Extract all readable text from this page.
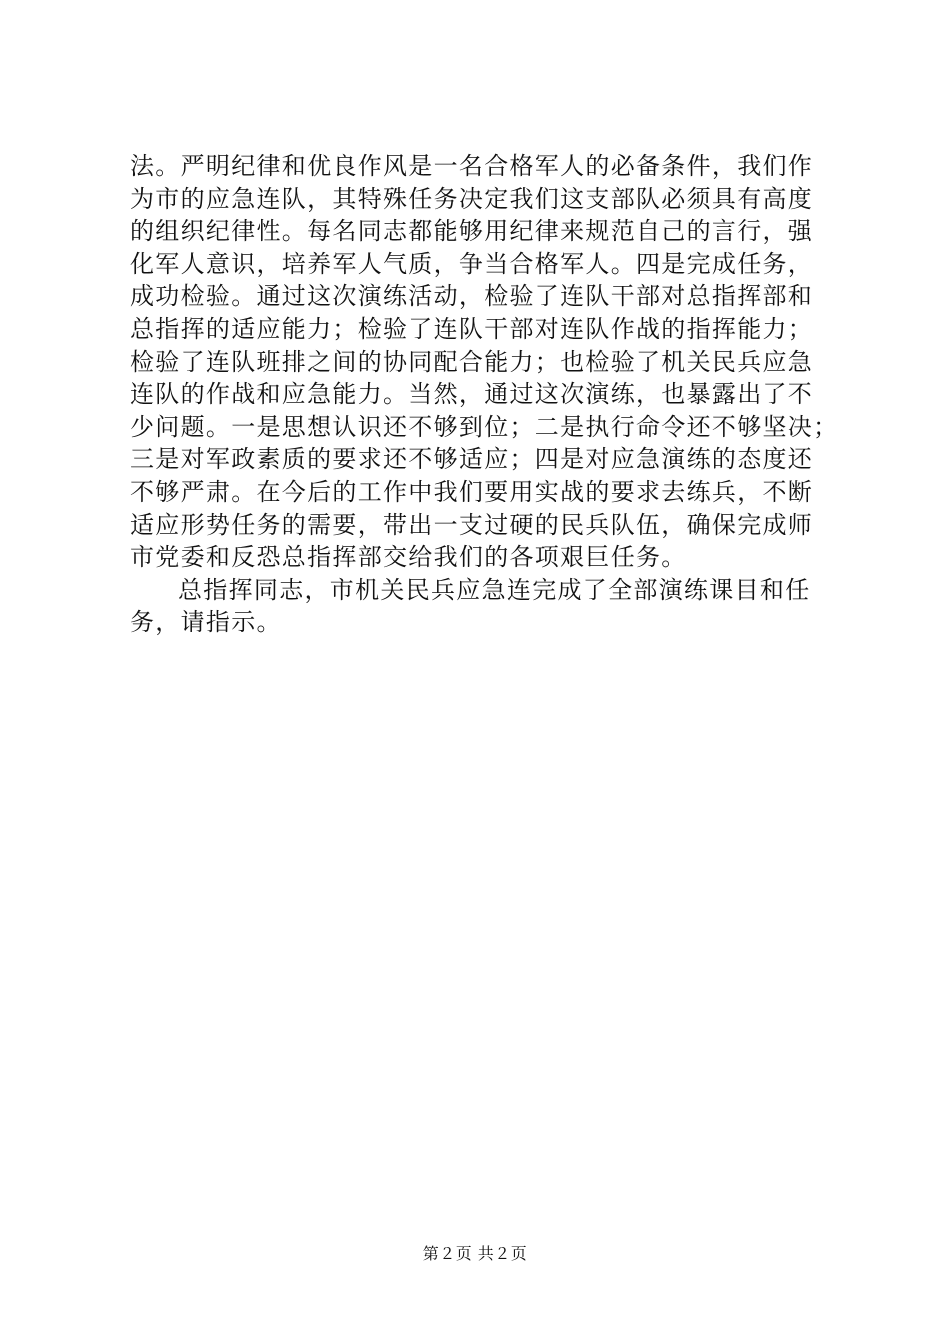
法。严明纪律和优良作风是一名合格军人的必备条件，我们作
为市的应急连队，其特殊任务决定我们这支部队必须具有高度
的组织纪律性。每名同志都能够用纪律来规范自己的言行，强
化军人意识，培养军人气质，争当合格军人。四是完成任务，
成功检验。通过这次演练活动，检验了连队干部对总指挥部和
总指挥的适应能力；检验了连队干部对连队作战的指挥能力；
检验了连队班排之间的协同配合能力；也检验了机关民兵应急
连队的作战和应急能力。当然，通过这次演练，也暴露出了不
少问题。一是思想认识还不够到位；二是执行命令还不够坚决；
三是对军政素质的要求还不够适应；四是对应急演练的态度还
不够严肃。在今后的工作中我们要用实战的要求去练兵，不断
适应形势任务的需要，带出一支过硬的民兵队伍，确保完成师
市党委和反恐总指挥部交给我们的各项艰巨任务。
总指挥同志，市机关民兵应急连完成了全部演练课目和任
务，请指示。
第２页 共２页
